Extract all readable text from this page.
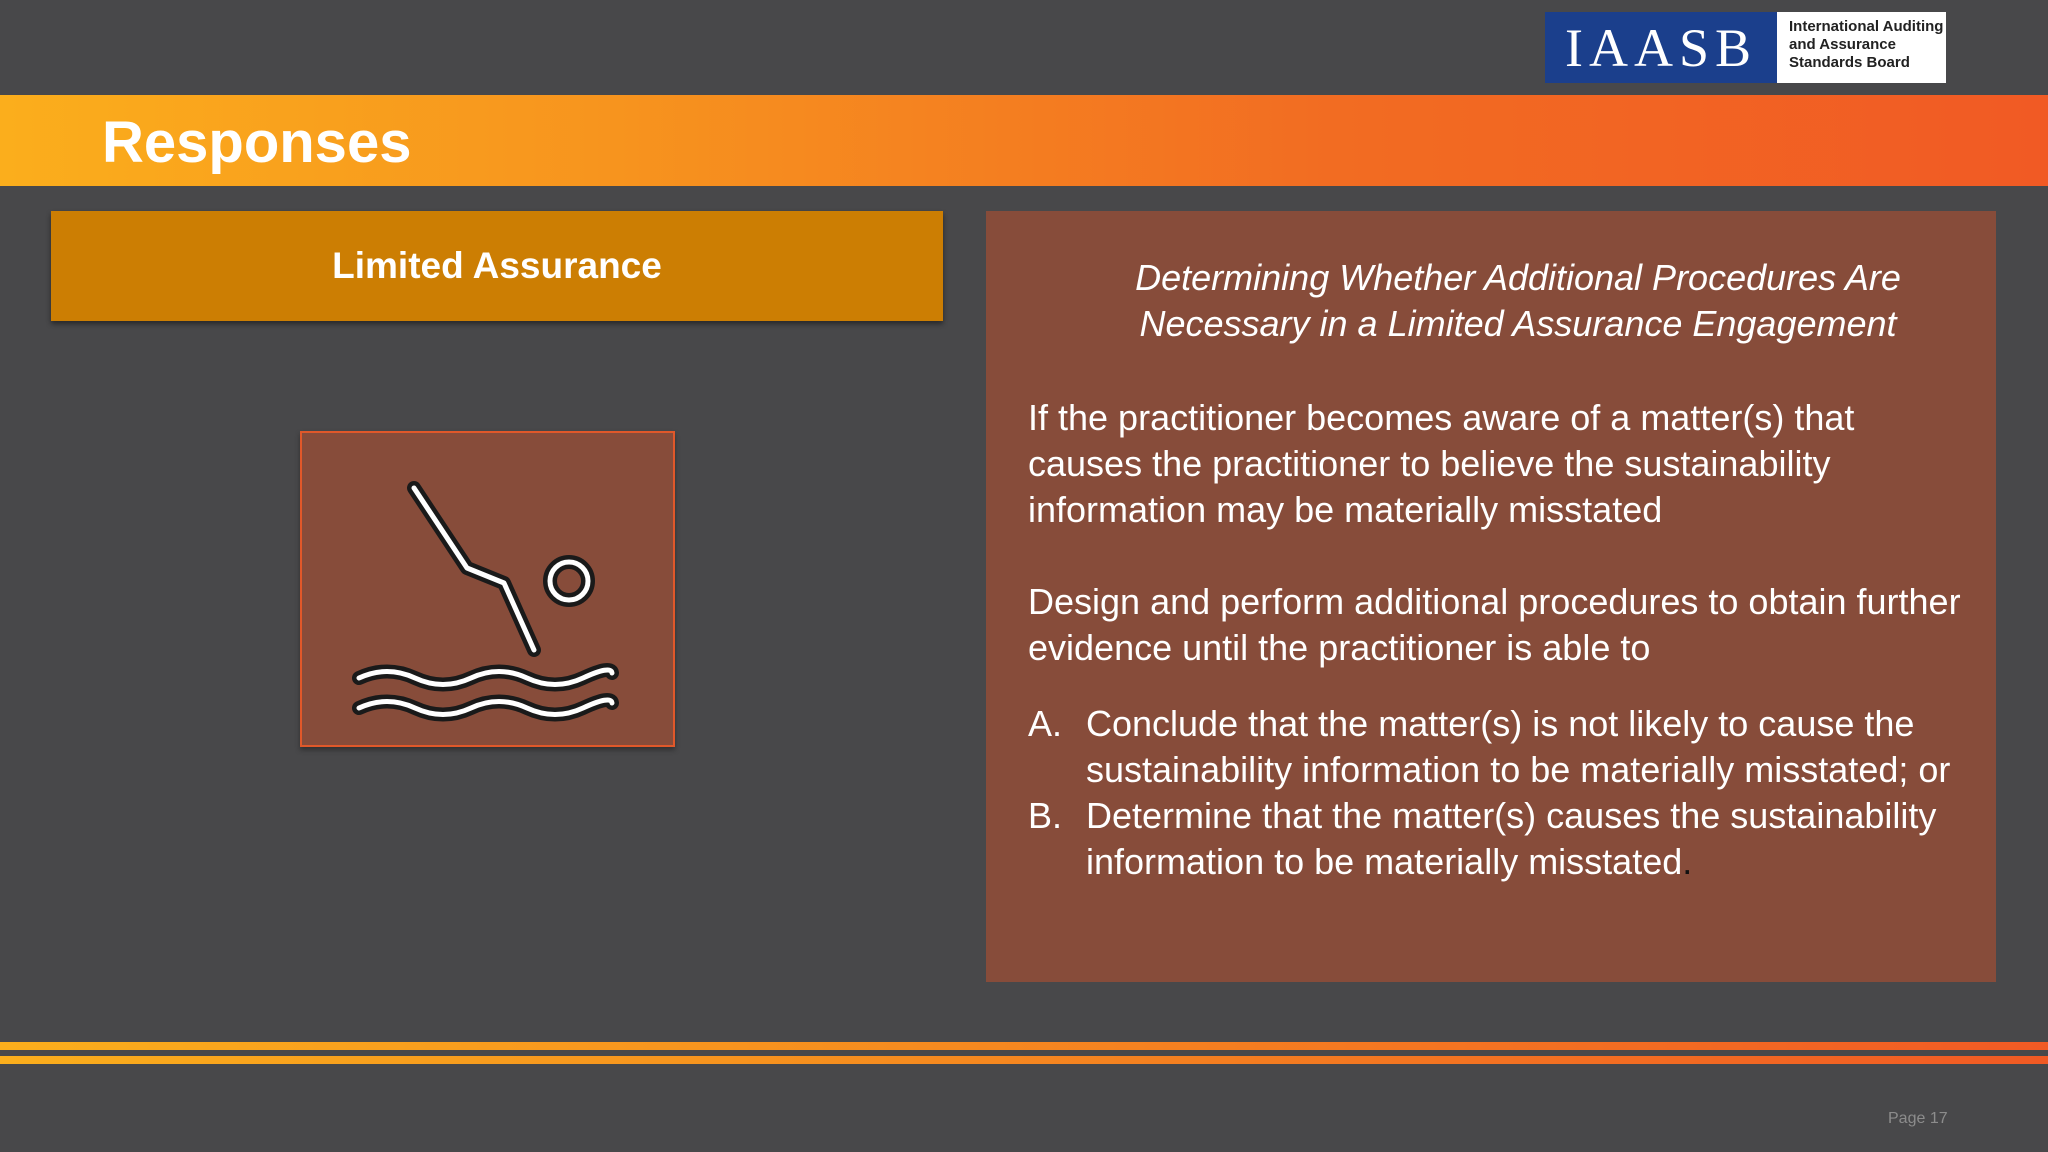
IAASB	International Auditing
and Assurance
Standards Board
Responses
Limited Assurance	Determining Whether Additional Procedures Are
Necessary in a Limited Assurance Engagement

If the practitioner becomes aware of a matter(s) that causes the practitioner to believe the sustainability information may be materially misstated

Design and perform additional procedures to obtain further evidence until the practitioner is able to

A. Conclude that the matter(s) is not likely to cause the sustainability information to be materially misstated; or
B. Determine that the matter(s) causes the sustainability information to be materially misstated.
Page 17
